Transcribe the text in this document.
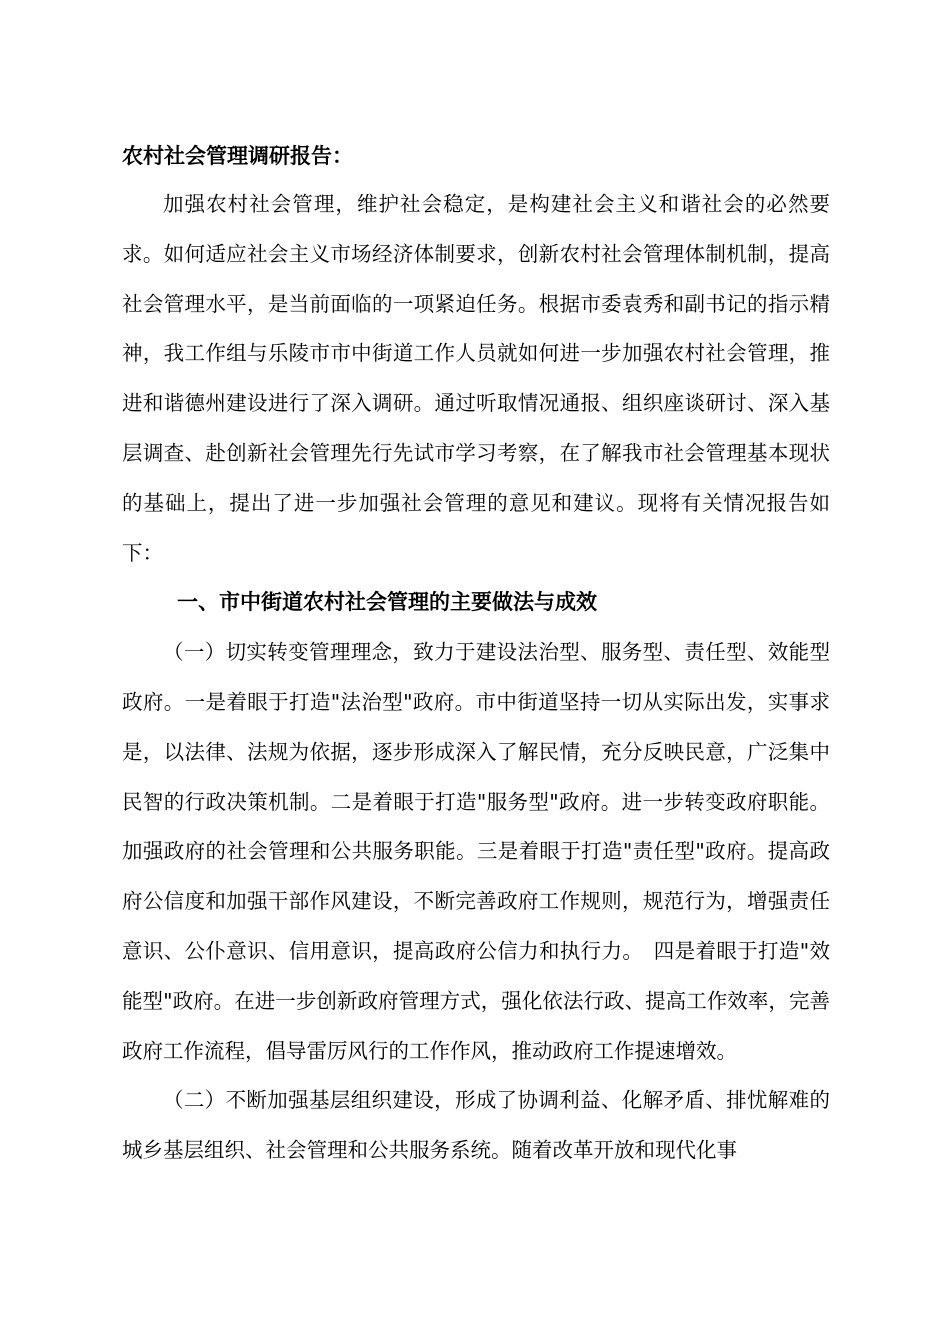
农村社会管理调研报告：

加强农村社会管理，维护社会稳定，是构建社会主义和谐社会的必然要求。如何适应社会主义市场经济体制要求，创新农村社会管理体制机制，提高社会管理水平，是当前面临的一项紧迫任务。根据市委袁秀和副书记的指示精神，我工作组与乐陵市市中街道工作人员就如何进一步加强农村社会管理，推进和谐德州建设进行了深入调研。通过听取情况通报、组织座谈研讨、深入基层调查、赴创新社会管理先行先试市学习考察，在了解我市社会管理基本现状的基础上，提出了进一步加强社会管理的意见和建议。现将有关情况报告如下：

一、市中街道农村社会管理的主要做法与成效

（一）切实转变管理理念，致力于建设法治型、服务型、责任型、效能型政府。一是着眼于打造"法治型"政府。市中街道坚持一切从实际出发，实事求是，以法律、法规为依据，逐步形成深入了解民情，充分反映民意，广泛集中民智的行政决策机制。二是着眼于打造"服务型"政府。进一步转变政府职能。加强政府的社会管理和公共服务职能。三是着眼于打造"责任型"政府。提高政府公信度和加强干部作风建设，不断完善政府工作规则，规范行为，增强责任意识、公仆意识、信用意识，提高政府公信力和执行力。　四是着眼于打造"效能型"政府。在进一步创新政府管理方式，强化依法行政、提高工作效率，完善政府工作流程，倡导雷厉风行的工作作风，推动政府工作提速增效。

（二）不断加强基层组织建设，形成了协调利益、化解矛盾、排忧解难的城乡基层组织、社会管理和公共服务系统。随着改革开放和现代化事
